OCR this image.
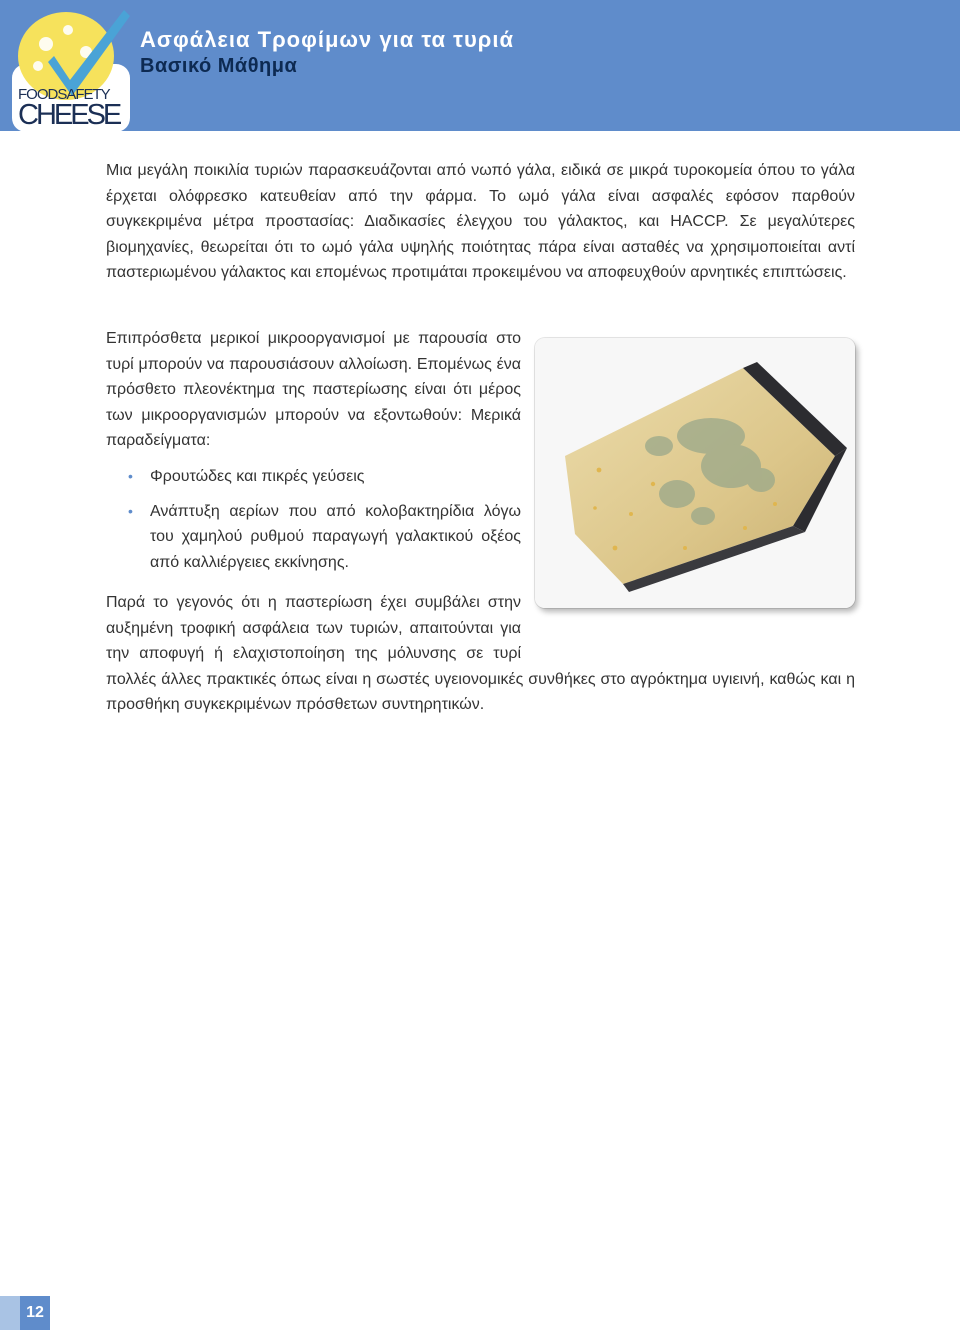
FOODSAFETY
CHEESE
Ασφάλεια Τροφίμων για τα τυριά
Βασικό Μάθημα

Μια μεγάλη ποικιλία τυριών παρασκευάζονται από νωπό γάλα, ειδικά σε μικρά τυροκομεία όπου το γάλα έρχεται ολόφρεσκο κατευθείαν από την φάρμα. Το ωμό γάλα είναι ασφαλές εφόσον παρθούν συγκεκριμένα μέτρα προστασίας: Διαδικασίες έλεγχου του γάλακτος, και HACCP. Σε μεγαλύτερες βιομηχανίες, θεωρείται ότι το ωμό γάλα υψηλής ποιότητας πάρα είναι ασταθές να χρησιμοποιείται αντί παστεριωμένου γάλακτος και επομένως προτιμάται προκειμένου να αποφευχθούν αρνητικές επιπτώσεις.

Επιπρόσθετα μερικοί μικροοργανισμοί με παρουσία στο τυρί μπορούν να παρουσιάσουν αλλοίωση. Επομένως ένα πρόσθετο πλεονέκτημα της παστερίωσης είναι ότι μέρος των μικροοργανισμών μπορούν να εξοντωθούν: Μερικά παραδείγματα:

• Φρουτώδες και πικρές γεύσεις
• Ανάπτυξη αερίων που από κολοβακτηρίδια λόγω του χαμηλού ρυθμού παραγωγή γαλακτικού οξέος από καλλιέργειες εκκίνησης.

Παρά το γεγονός ότι η παστερίωση έχει συμβάλει στην αυξημένη τροφική ασφάλεια των τυριών, απαιτούνται για την αποφυγή ή ελαχιστοποίηση της μόλυνσης σε τυρί πολλές άλλες πρακτικές όπως είναι η σωστές υγειονομικές συνθήκες στο αγρόκτημα υγιεινή, καθώς και η προσθήκη συγκεκριμένων πρόσθετων συντηρητικών.

12
